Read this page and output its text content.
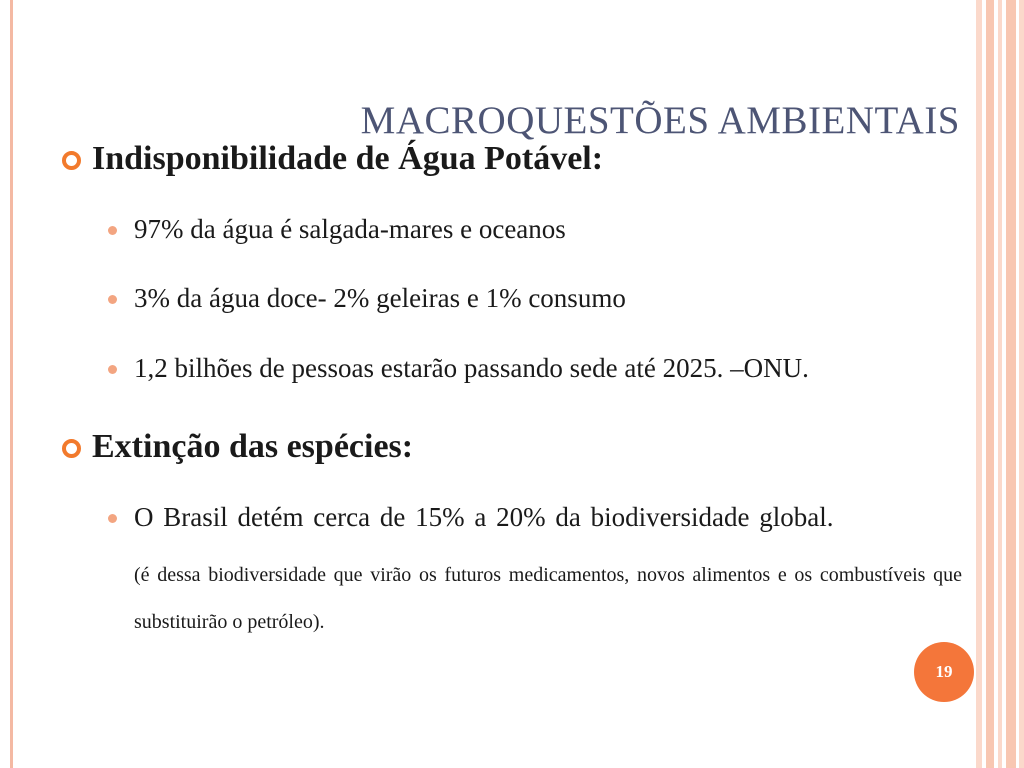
MACROQUESTÕES AMBIENTAIS
Indisponibilidade de Água Potável:
97% da água é salgada-mares e oceanos
3% da água doce- 2% geleiras e 1% consumo
1,2 bilhões de pessoas estarão passando sede até 2025. –ONU.
Extinção das espécies:
O Brasil detém cerca de 15% a 20% da biodiversidade global.
(é dessa biodiversidade que virão os futuros medicamentos, novos alimentos e os combustíveis que substituirão o petróleo).
19
